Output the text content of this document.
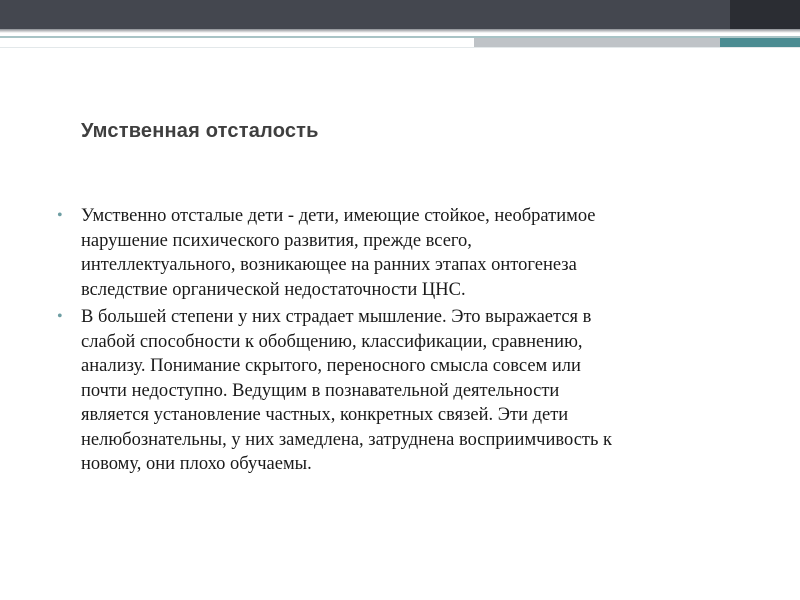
Умственная отсталость
• Умственно отсталые дети - дети, имеющие стойкое, необратимое
нарушение психического развития, прежде всего,
интеллектуального, возникающее на ранних этапах онтогенеза
вследствие органической недостаточности ЦНС.
• В большей степени у них страдает мышление. Это выражается в
слабой способности к обобщению, классификации, сравнению,
анализу. Понимание скрытого, переносного смысла совсем или
почти недоступно. Ведущим в познавательной деятельности
является установление частных, конкретных связей. Эти дети
нелюбознательны, у них замедлена, затруднена восприимчивость к
новому, они плохо обучаемы.
